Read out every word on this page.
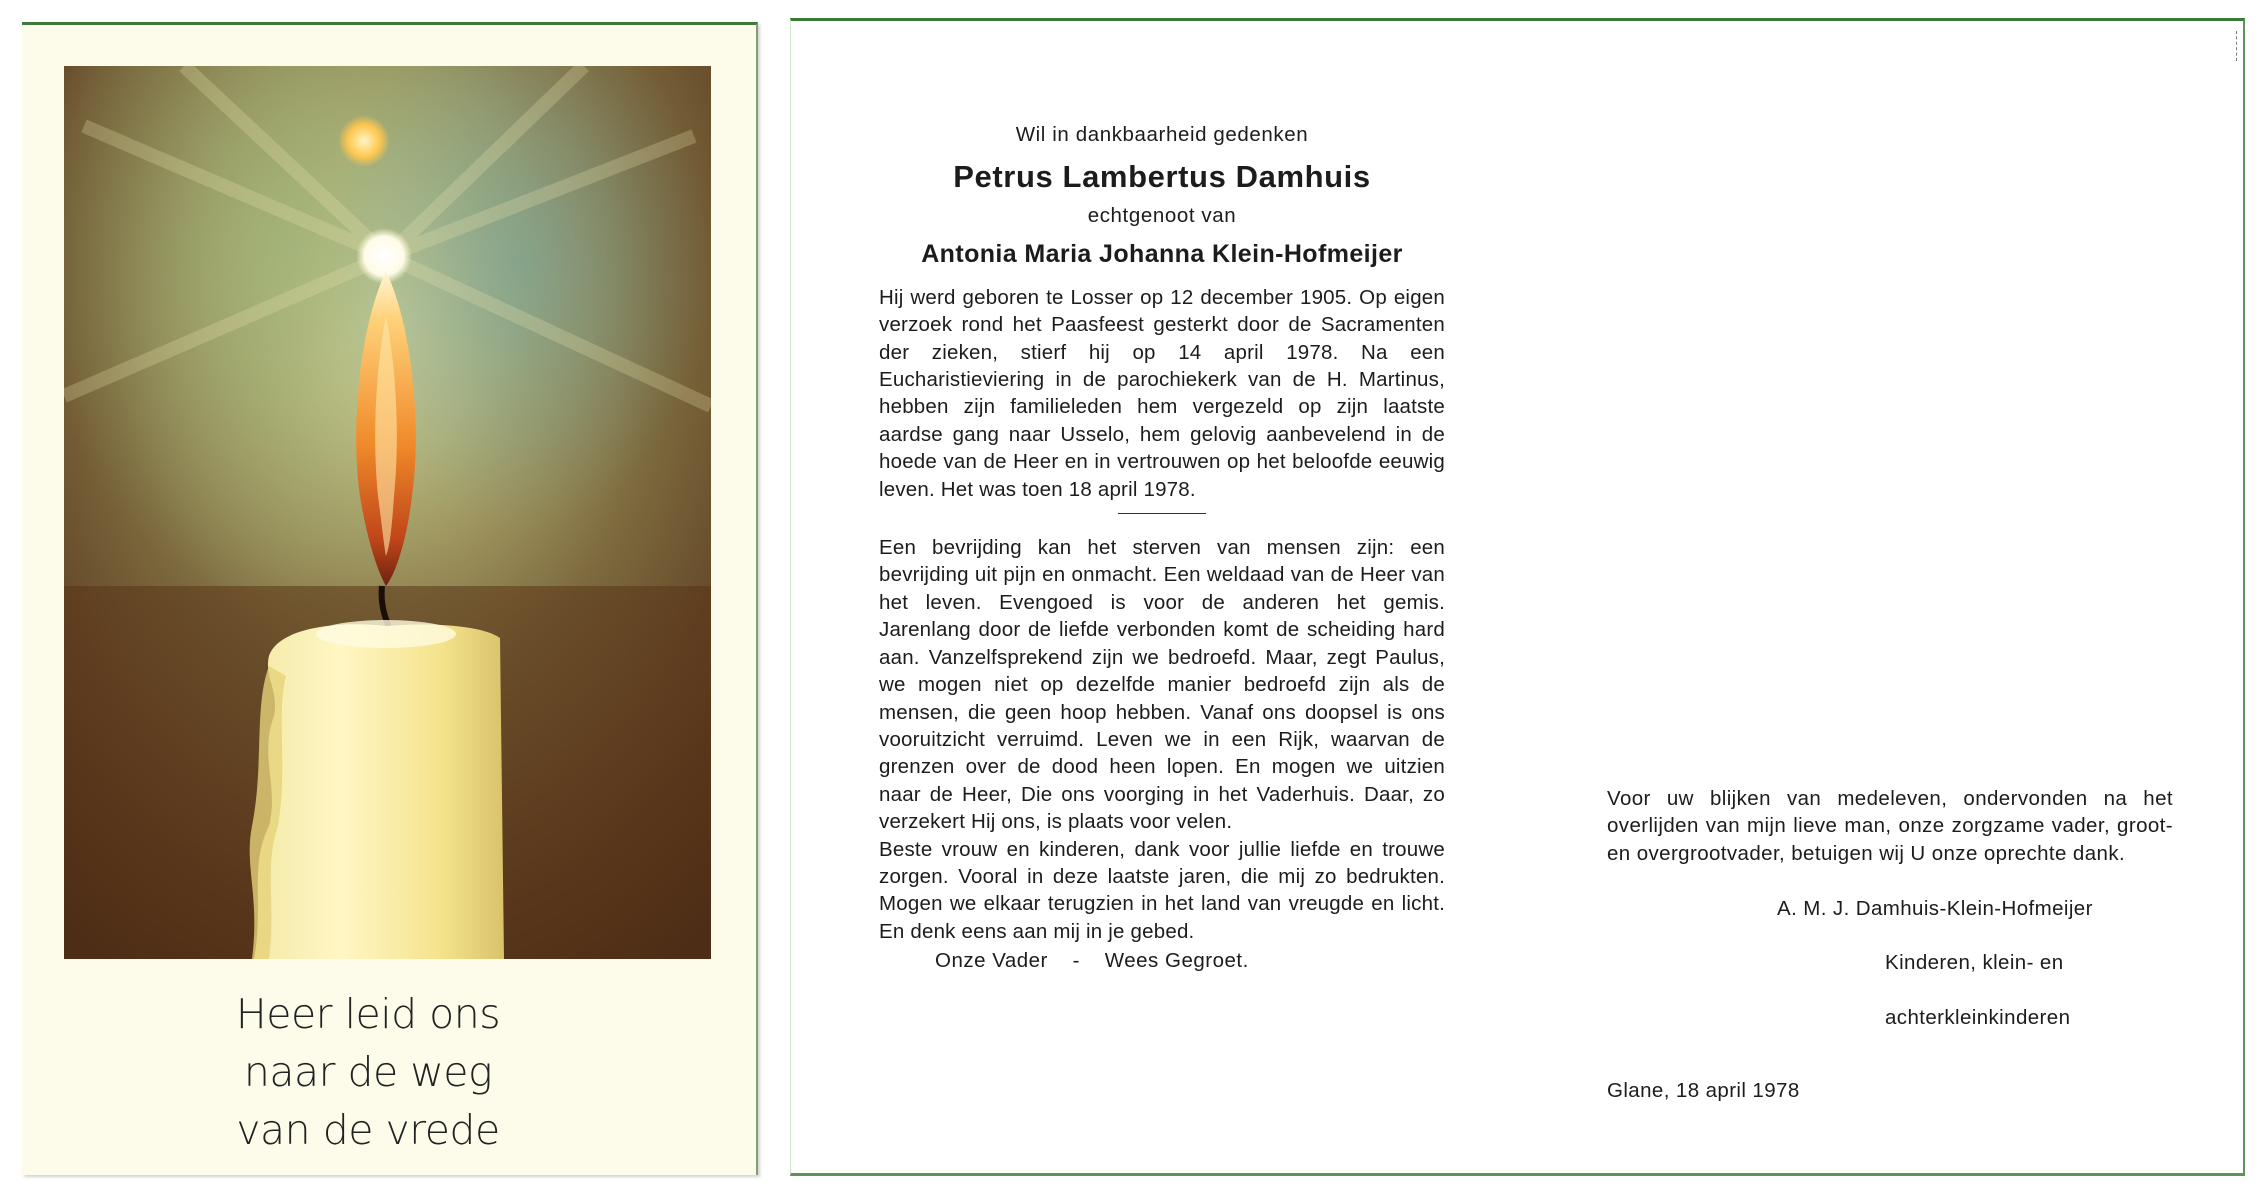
Heer leid ons
naar de weg
van de vrede
Wil in dankbaarheid gedenken
Petrus Lambertus Damhuis
echtgenoot van
Antonia Maria Johanna Klein-Hofmeijer
Hij werd geboren te Losser op 12 december 1905. Op eigen verzoek rond het Paasfeest gesterkt door de Sacramenten der zieken, stierf hij op 14 april 1978. Na een Eucharistieviering in de parochiekerk van de H. Martinus, hebben zijn familieleden hem vergezeld op zijn laatste aardse gang naar Usselo, hem gelovig aanbevelend in de hoede van de Heer en in vertrouwen op het beloofde eeuwig leven. Het was toen 18 april 1978.
Een bevrijding kan het sterven van mensen zijn: een bevrijding uit pijn en onmacht. Een weldaad van de Heer van het leven. Evengoed is voor de anderen het gemis. Jarenlang door de liefde verbonden komt de scheiding hard aan. Vanzelfsprekend zijn we bedroefd. Maar, zegt Paulus, we mogen niet op dezelfde manier bedroefd zijn als de mensen, die geen hoop hebben. Vanaf ons doopsel is ons vooruitzicht verruimd. Leven we in een Rijk, waarvan de grenzen over de dood heen lopen. En mogen we uitzien naar de Heer, Die ons voorging in het Vaderhuis. Daar, zo verzekert Hij ons, is plaats voor velen.
Beste vrouw en kinderen, dank voor jullie liefde en trouwe zorgen. Vooral in deze laatste jaren, die mij zo bedrukten. Mogen we elkaar terugzien in het land van vreugde en licht. En denk eens aan mij in je gebed.
Onze Vader    -    Wees Gegroet.
Voor uw blijken van medeleven, ondervonden na het overlijden van mijn lieve man, onze zorgzame vader, groot- en overgrootvader, betuigen wij U onze oprechte dank.

A. M. J. Damhuis-Klein-Hofmeijer

Kinderen, klein- en

achterkleinkinderen

Glane, 18 april 1978
